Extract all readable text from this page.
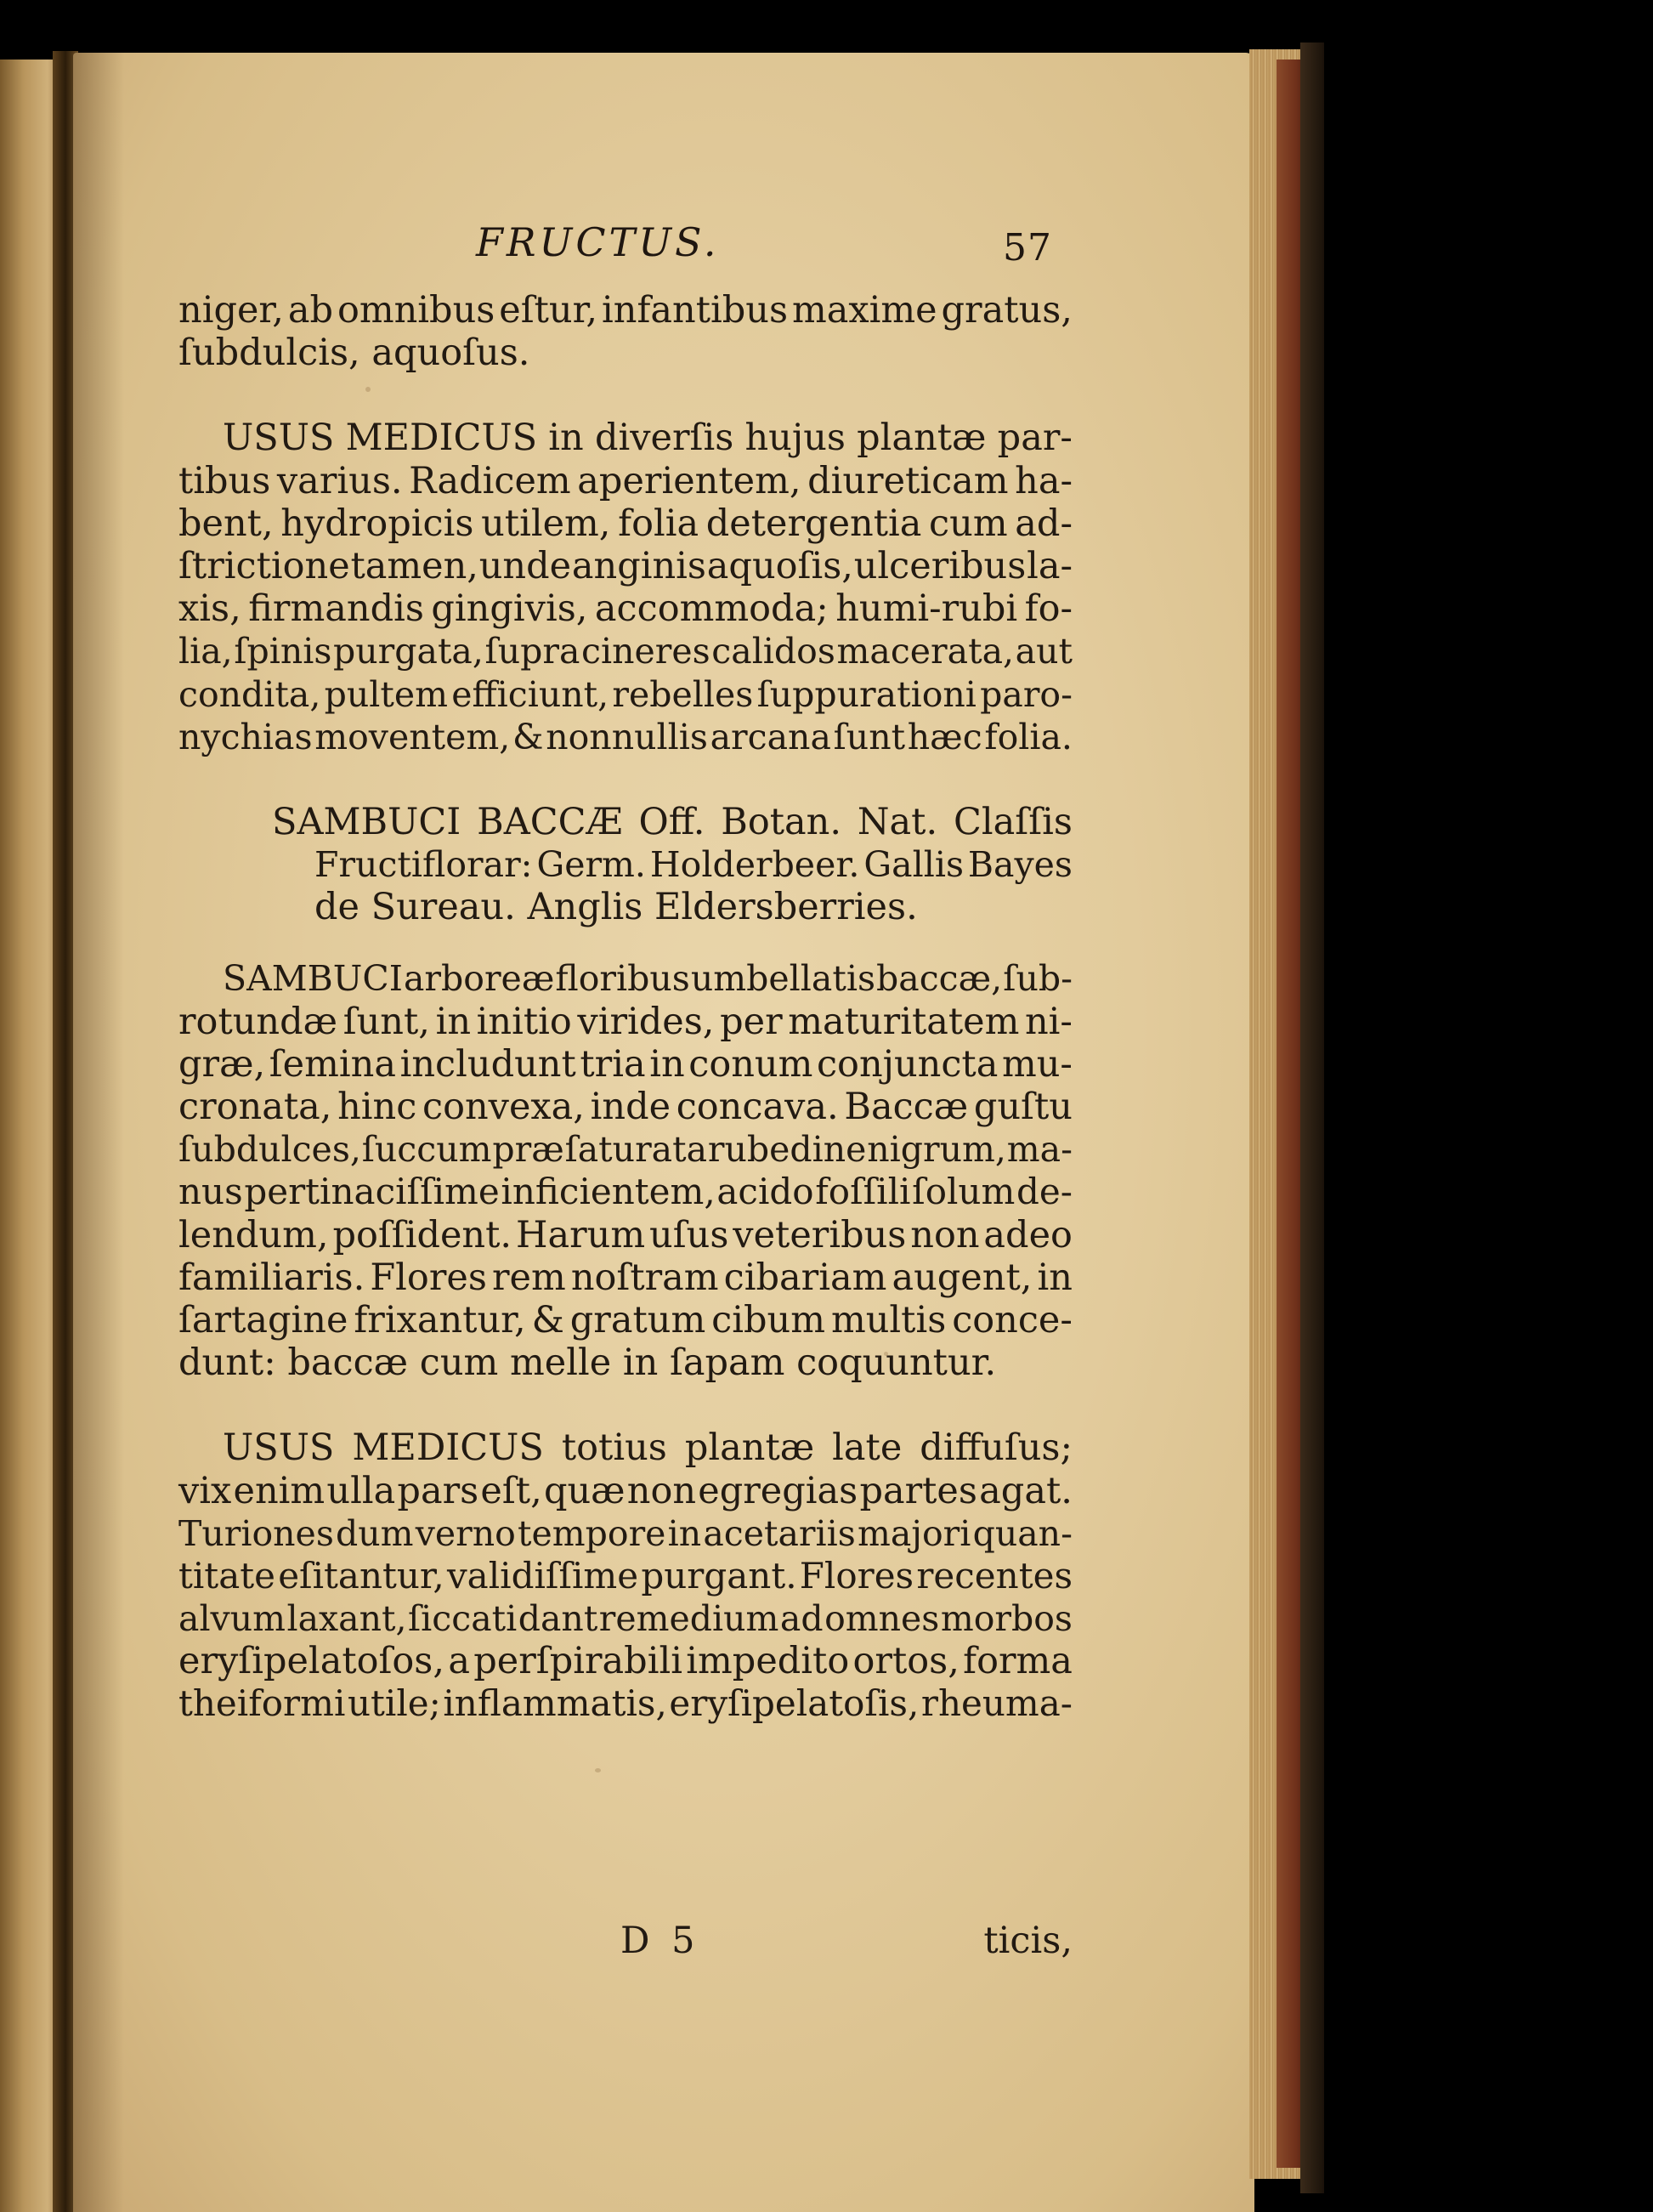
FRUCTUS.	57
niger, ab omnibus eſtur, infantibus maxime gratus,
ſubdulcis, aquoſus.
USUS MEDICUS in diverſis hujus plantæ par-
tibus varius. Radicem aperientem, diureticam ha-
bent, hydropicis utilem, folia detergentia cum ad-
ſtrictione tamen, unde anginis aquoſis, ulceribus la-
xis, firmandis gingivis, accommoda; humi-rubi fo-
lia, ſpinis purgata, ſupra cineres calidos macerata, aut
condita, pultem efficiunt, rebelles ſuppurationi paro-
nychias moventem, & nonnullis arcana ſunt hæc folia.
SAMBUCI BACCÆ Off. Botan. Nat. Claſſis
Fructiflorar: Germ. Holderbeer. Gallis Bayes
de Sureau. Anglis Eldersberries.
SAMBUCI arboreæ floribus umbellatis baccæ, ſub-
rotundæ ſunt, in initio virides, per maturitatem ni-
græ, ſemina includunt tria in conum conjuncta mu-
cronata, hinc convexa, inde concava. Baccæ guſtu
ſubdulces, ſuccum præ ſaturata rubedine nigrum, ma-
nus pertinaciſſime inficientem, acido foſſili ſolum de-
lendum, poſſident. Harum uſus veteribus non adeo
familiaris. Flores rem noſtram cibariam augent, in
ſartagine frixantur, & gratum cibum multis conce-
dunt: baccæ cum melle in ſapam coquuntur.
USUS MEDICUS totius plantæ late diffuſus;
vix enim ulla pars eſt, quæ non egregias partes agat.
Turiones dum verno tempore in acetariis majori quan-
titate eſitantur, validiſſime purgant. Flores recentes
alvum laxant, ſiccati dant remedium ad omnes morbos
eryſipelatoſos, a perſpirabili impedito ortos, forma
theiformi utile; inflammatis, eryſipelatoſis, rheuma-
D 5	ticis,
